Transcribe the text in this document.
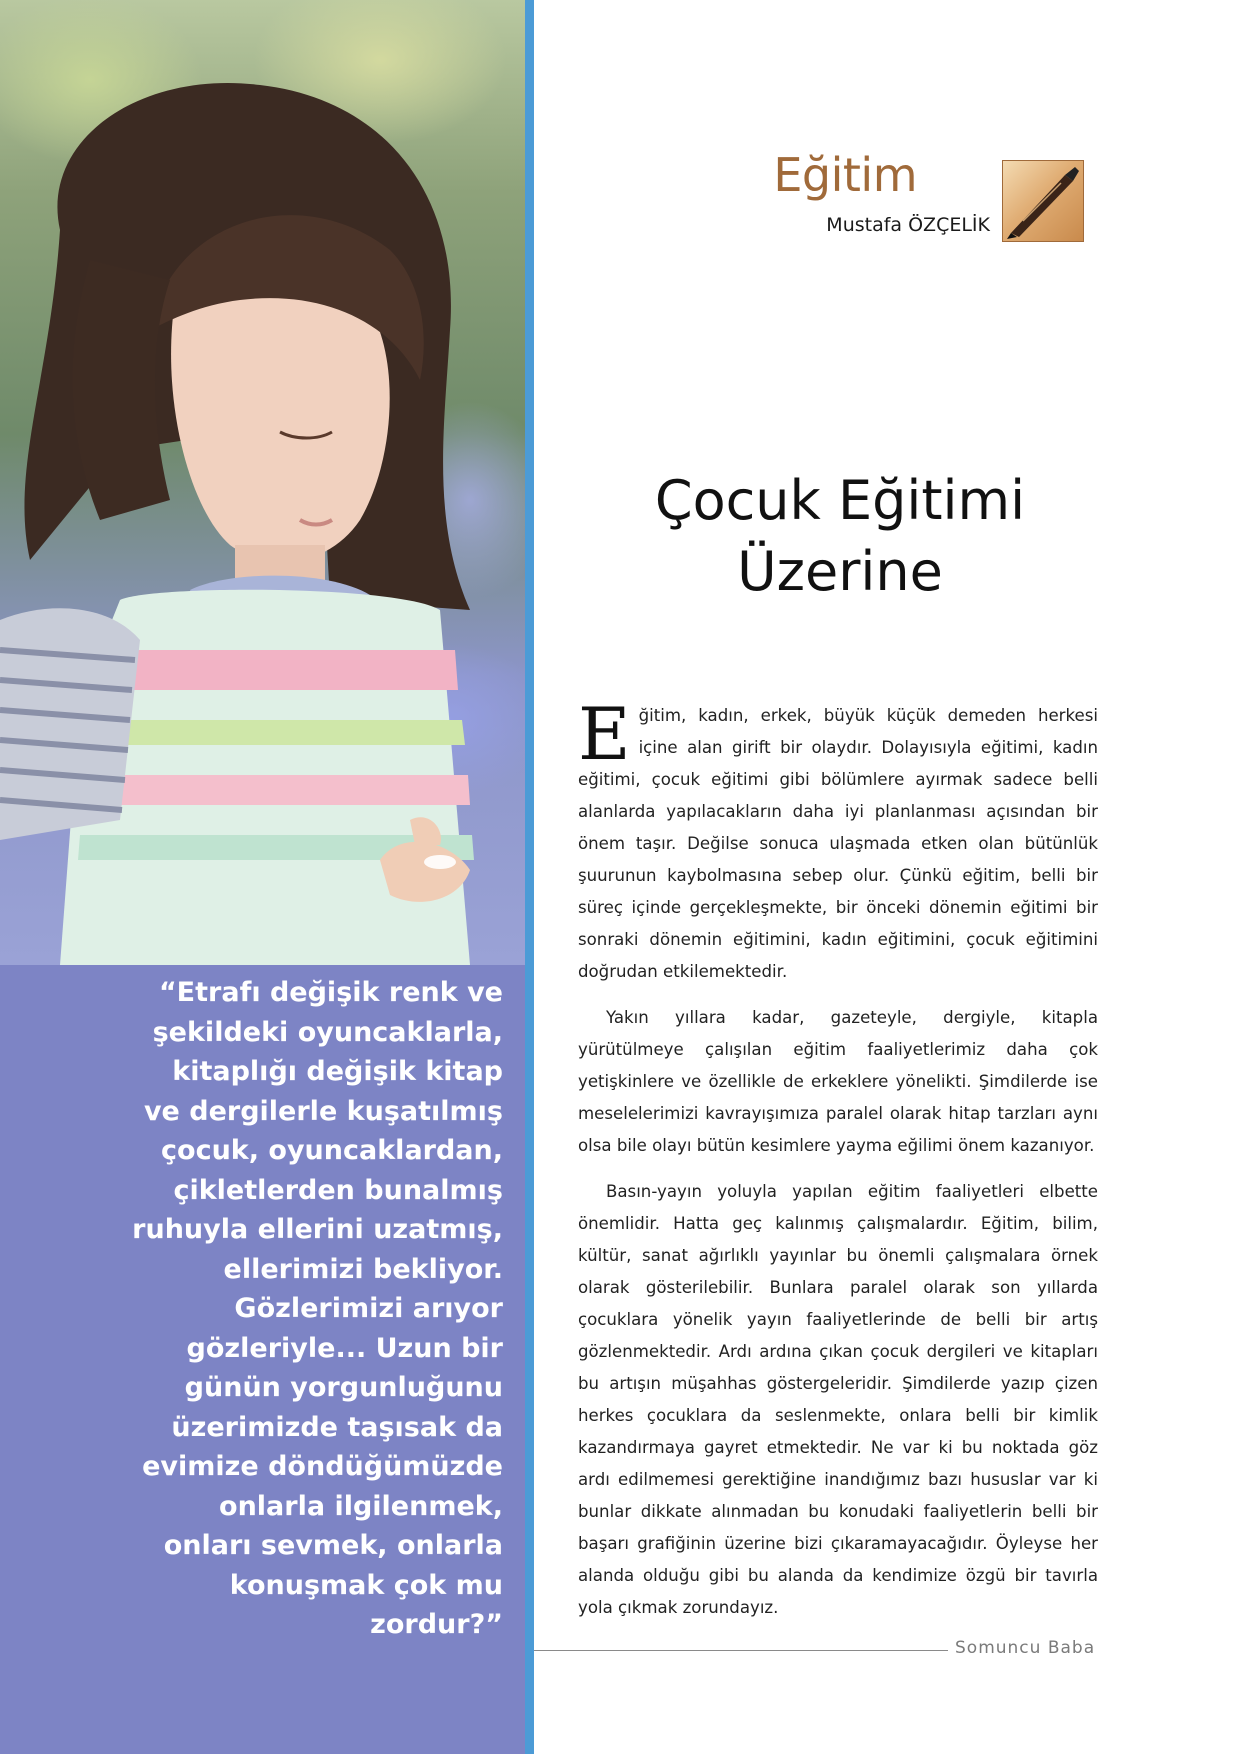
“Etrafı değişik renk ve
şekildeki oyuncaklarla,
kitaplığı değişik kitap
ve dergilerle kuşatılmış
çocuk, oyuncaklardan,
çikletlerden bunalmış
ruhuyla ellerini uzatmış,
ellerimizi bekliyor.
Gözlerimizi arıyor
gözleriyle... Uzun bir
günün yorgunluğunu
üzerimizde taşısak da
evimize döndüğümüzde
onlarla ilgilenmek,
onları sevmek, onlarla
konuşmak çok mu
zordur?”
Eğitim
Mustafa ÖZÇELİK
Çocuk Eğitimi
Üzerine

Eğitim, kadın, erkek, büyük küçük demeden herkesi içine alan girift bir olaydır. Dolayısıyla eğitimi, kadın eğitimi, çocuk eğitimi gibi bölümlere ayırmak sadece belli alanlarda yapılacakların daha iyi planlanması açısından bir önem taşır. Değilse sonuca ulaşmada etken olan bütünlük şuurunun kaybolmasına sebep olur. Çünkü eğitim, belli bir süreç içinde gerçekleşmekte, bir önceki dönemin eğitimi bir sonraki dönemin eğitimini, kadın eğitimini, çocuk eğitimini doğrudan etkilemektedir.

Yakın yıllara kadar, gazeteyle, dergiyle, kitapla yürütülmeye çalışılan eğitim faaliyetlerimiz daha çok yetişkinlere ve özellikle de erkeklere yönelikti. Şimdilerde ise meselelerimizi kavrayışımıza paralel olarak hitap tarzları aynı olsa bile olayı bütün kesimlere yayma eğilimi önem kazanıyor.

Basın-yayın yoluyla yapılan eğitim faaliyetleri elbette önemlidir. Hatta geç kalınmış çalışmalardır. Eğitim, bilim, kültür, sanat ağırlıklı yayınlar bu önemli çalışmalara örnek olarak gösterilebilir. Bunlara paralel olarak son yıllarda çocuklara yönelik yayın faaliyetlerinde de belli bir artış gözlenmektedir. Ardı ardına çıkan çocuk dergileri ve kitapları bu artışın müşahhas göstergeleridir. Şimdilerde yazıp çizen herkes çocuklara da seslenmekte, onlara belli bir kimlik kazandırmaya gayret etmektedir. Ne var ki bu noktada göz ardı edilmemesi gerektiğine inandığımız bazı hususlar var ki bunlar dikkate alınmadan bu konudaki faaliyetlerin belli bir başarı grafiğinin üzerine bizi çıkaramayacağıdır. Öyleyse her alanda olduğu gibi bu alanda da kendimize özgü bir tavırla yola çıkmak zorundayız.

Somuncu Baba
